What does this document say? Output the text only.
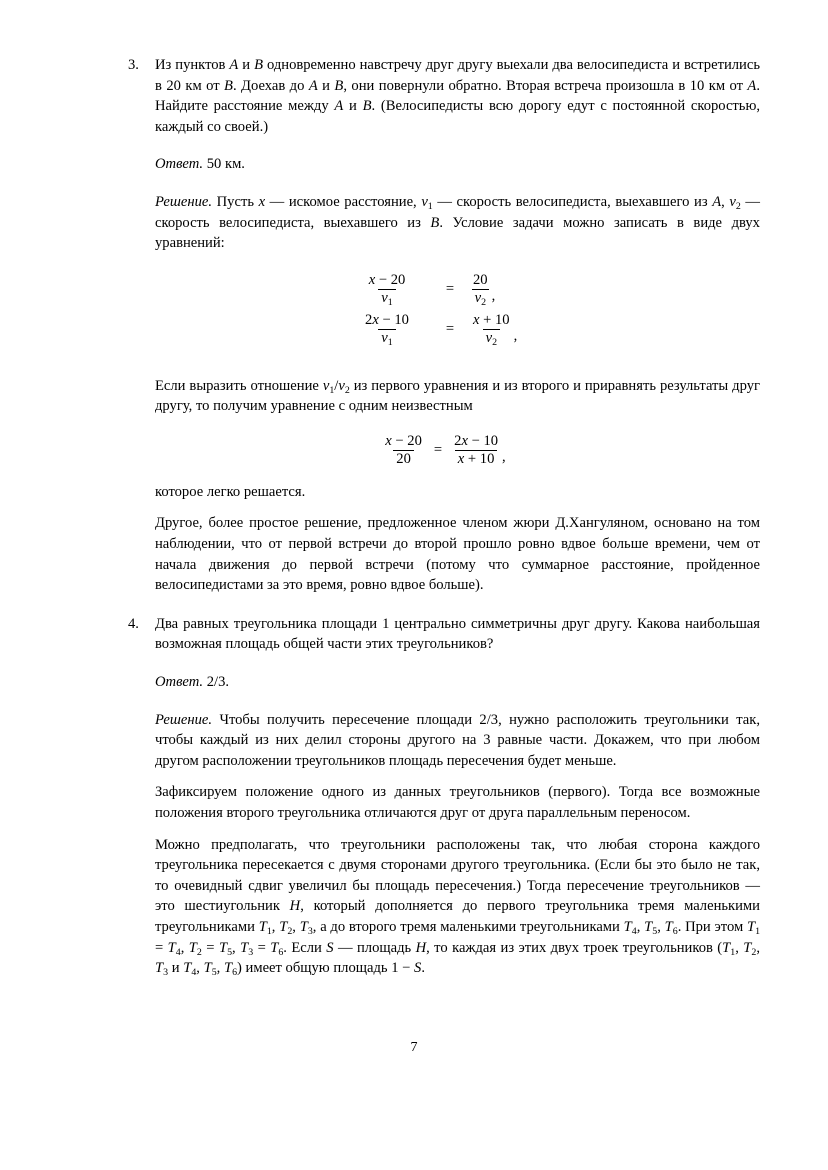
3.	Из пунктов A и B одновременно навстречу друг другу выехали два велосипедиста и встретились в 20 км от B. Доехав до A и B, они повернули обратно. Вторая встреча произошла в 10 км от A. Найдите расстояние между A и B. (Велосипедисты всю дорогу едут с постоянной скоростью, каждый со своей.)
Ответ. 50 км.
Решение. Пусть x — искомое расстояние, $v_1$ — скорость велосипедиста, выехавшего из A, $v_2$ — скорость велосипедиста, выехавшего из B. Условие задачи можно записать в виде двух уравнений:
$\frac{x - 20}{v_1}$	=	$\frac{20}{v_2}$ ,
$\frac{2x - 10}{v_1}$	=	$\frac{x + 10}{v_2}$ ,
Если выразить отношение $v_1/v_2$ из первого уравнения и из второго и приравнять результаты друг другу, то получим уравнение с одним неизвестным
$\frac{x - 20}{20} = \frac{2x - 10}{x + 10}$ ,
которое легко решается.
Другое, более простое решение, предложенное членом жюри Д.Хангуляном, основано на том наблюдении, что от первой встречи до второй прошло ровно вдвое больше времени, чем от начала движения до первой встречи (потому что суммарное расстояние, пройденное велосипедистами за это время, ровно вдвое больше).
4.	Два равных треугольника площади 1 центрально симметричны друг другу. Какова наибольшая возможная площадь общей части этих треугольников?
Ответ. 2/3.
Решение. Чтобы получить пересечение площади 2/3, нужно расположить треугольники так, чтобы каждый из них делил стороны другого на 3 равные части. Докажем, что при любом другом расположении треугольников площадь пересечения будет меньше.
Зафиксируем положение одного из данных треугольников (первого). Тогда все возможные положения второго треугольника отличаются друг от друга параллельным переносом.
Можно предполагать, что треугольники расположены так, что любая сторона каждого треугольника пересекается с двумя сторонами другого треугольника. (Если бы это было не так, то очевидный сдвиг увеличил бы площадь пересечения.) Тогда пересечение треугольников — это шестиугольник H, который дополняется до первого треугольника тремя маленькими треугольниками $T_1$, $T_2$, $T_3$, а до второго тремя маленькими треугольниками $T_4$, $T_5$, $T_6$. При этом $T_1 = T_4$, $T_2 = T_5$, $T_3 = T_6$. Если S — площадь H, то каждая из этих двух троек треугольников ($T_1$, $T_2$, $T_3$ и $T_4$, $T_5$, $T_6$) имеет общую площадь 1 − S.
7
